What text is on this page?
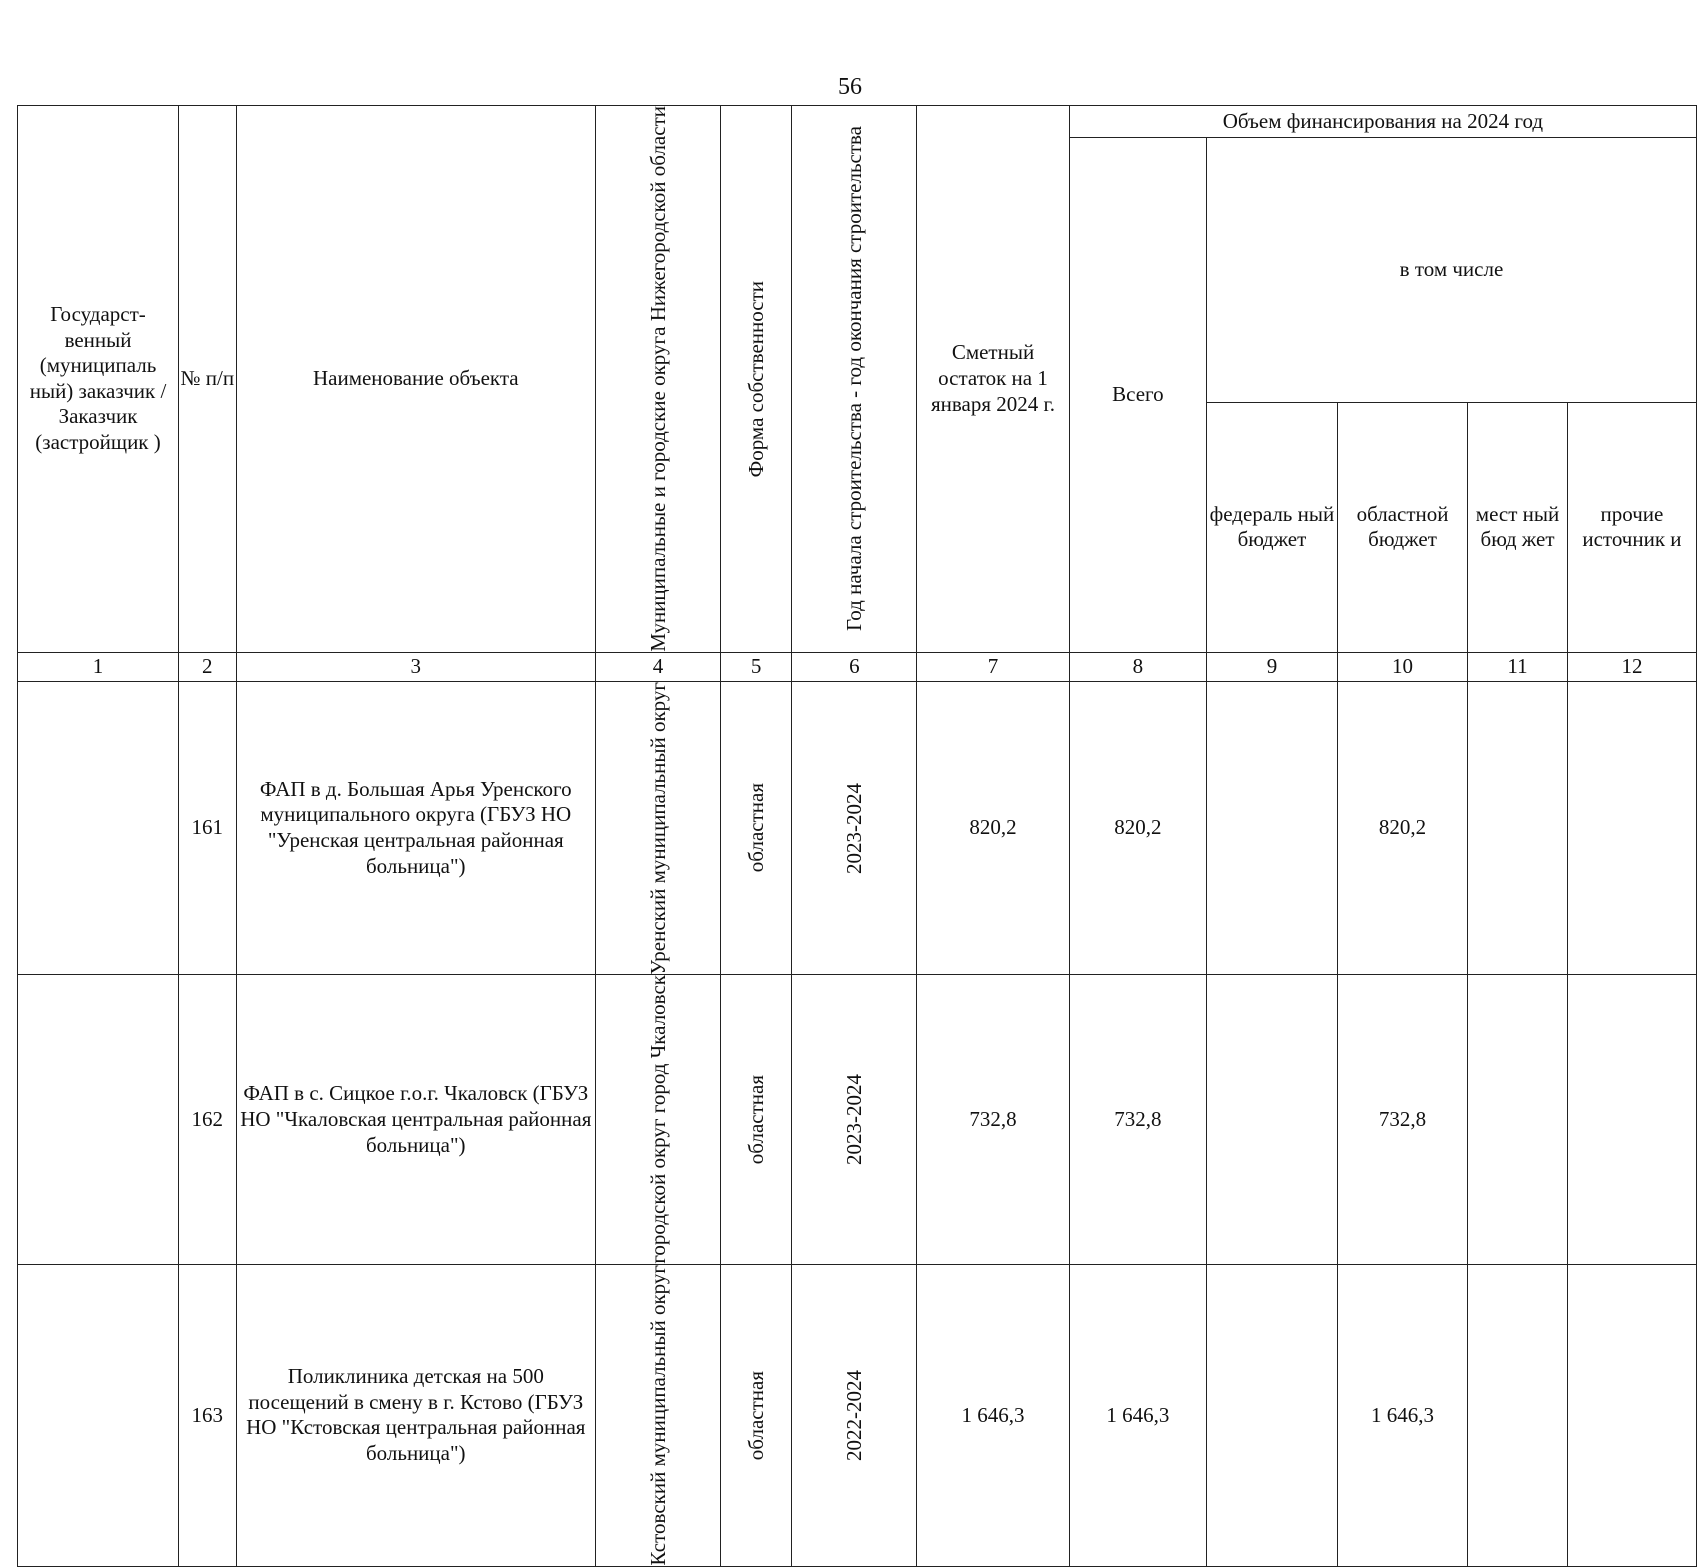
56
Государст-венный (муниципаль ный) заказчик / Заказчик (застройщик )	№ п/п	Наименование объекта	Муниципальные и городские округа Нижегородской области	Форма собственности	Год начала строительства - год окончания строительства	Сметный остаток на 1 января 2024 г.	Объем финансирования на 2024 год				
							Всего	в том числе			
								федераль ный бюджет	областной бюджет	мест ный бюд жет	прочие источник и
1	2	3	4	5	6	7	8	9	10	11	12
	161	ФАП в д. Большая Арья Уренского муниципального округа (ГБУЗ НО "Уренская центральная районная больница")	Уренский муниципальный округ	областная	2023-2024	820,2	820,2		820,2		
	162	ФАП в с. Сицкое г.о.г. Чкаловск (ГБУЗ НО "Чкаловская центральная районная больница")	городской округ город Чкаловск	областная	2023-2024	732,8	732,8		732,8		
	163	Поликлиника детская на 500 посещений в смену в г. Кстово (ГБУЗ НО "Кстовская центральная районная больница")	Кстовский муниципальный округ	областная	2022-2024	1 646,3	1 646,3		1 646,3		
